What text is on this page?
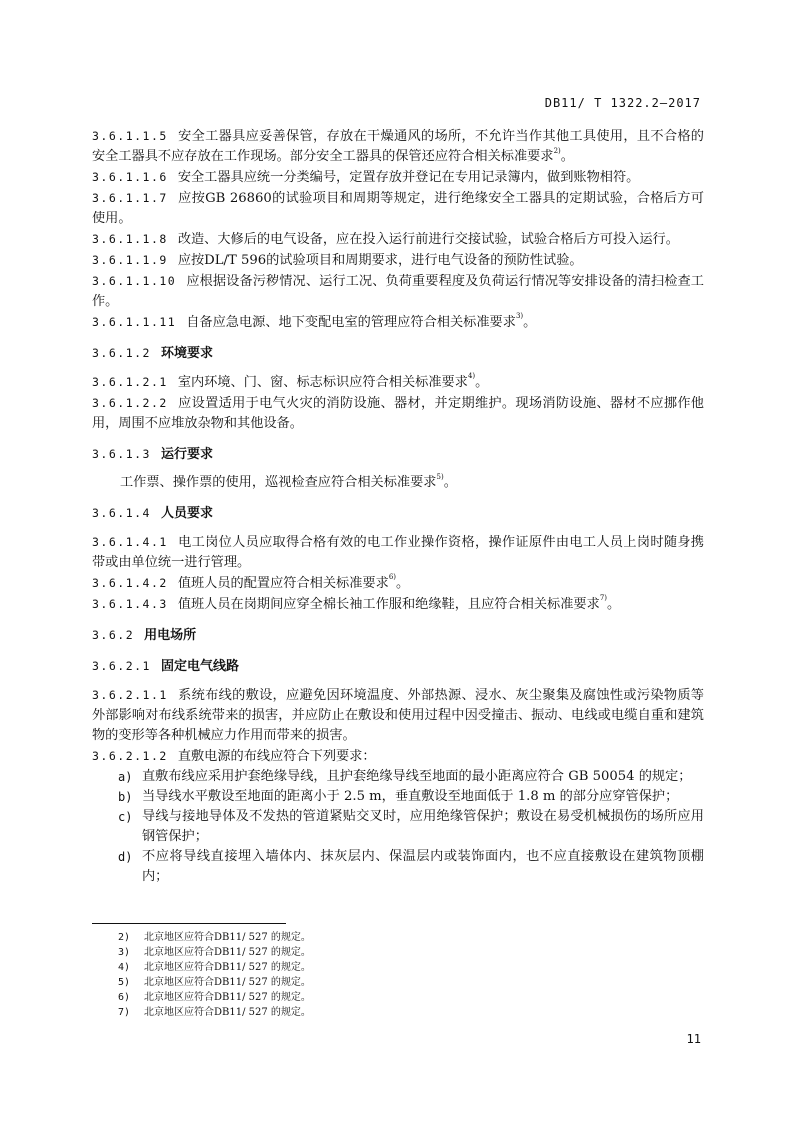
DB11/ T 1322.2—2017

3.6.1.1.5 安全工器具应妥善保管，存放在干燥通风的场所，不允许当作其他工具使用，且不合格的安全工器具不应存放在工作现场。部分安全工器具的保管还应符合相关标准要求$^{2)}$。

3.6.1.1.6 安全工器具应统一分类编号，定置存放并登记在专用记录簿内，做到账物相符。

3.6.1.1.7 应按GB 26860的试验项目和周期等规定，进行绝缘安全工器具的定期试验，合格后方可使用。

3.6.1.1.8 改造、大修后的电气设备，应在投入运行前进行交接试验，试验合格后方可投入运行。

3.6.1.1.9 应按DL/T 596的试验项目和周期要求，进行电气设备的预防性试验。

3.6.1.1.10 应根据设备污秽情况、运行工况、负荷重要程度及负荷运行情况等安排设备的清扫检查工作。

3.6.1.1.11 自备应急电源、地下变配电室的管理应符合相关标准要求$^{3)}$。

3.6.1.2 环境要求

3.6.1.2.1 室内环境、门、窗、标志标识应符合相关标准要求$^{4)}$。

3.6.1.2.2 应设置适用于电气火灾的消防设施、器材，并定期维护。现场消防设施、器材不应挪作他用，周围不应堆放杂物和其他设备。

3.6.1.3 运行要求

工作票、操作票的使用，巡视检查应符合相关标准要求$^{5)}$。

3.6.1.4 人员要求

3.6.1.4.1 电工岗位人员应取得合格有效的电工作业操作资格，操作证原件由电工人员上岗时随身携带或由单位统一进行管理。

3.6.1.4.2 值班人员的配置应符合相关标准要求$^{6)}$。

3.6.1.4.3 值班人员在岗期间应穿全棉长袖工作服和绝缘鞋，且应符合相关标准要求$^{7)}$。

3.6.2 用电场所
3.6.2.1 固定电气线路

3.6.2.1.1 系统布线的敷设，应避免因环境温度、外部热源、浸水、灰尘聚集及腐蚀性或污染物质等外部影响对布线系统带来的损害，并应防止在敷设和使用过程中因受撞击、振动、电线或电缆自重和建筑物的变形等各种机械应力作用而带来的损害。

3.6.2.1.2 直敷电源的布线应符合下列要求：

a) 直敷布线应采用护套绝缘导线，且护套绝缘导线至地面的最小距离应符合 GB 50054 的规定；
b) 当导线水平敷设至地面的距离小于 2.5 m，垂直敷设至地面低于 1.8 m 的部分应穿管保护；
c) 导线与接地导体及不发热的管道紧贴交叉时，应用绝缘管保护；敷设在易受机械损伤的场所应用钢管保护；
d) 不应将导线直接埋入墙体内、抹灰层内、保温层内或装饰面内，也不应直接敷设在建筑物顶棚内；
2) 北京地区应符合DB11/ 527 的规定。
3) 北京地区应符合DB11/ 527 的规定。
4) 北京地区应符合DB11/ 527 的规定。
5) 北京地区应符合DB11/ 527 的规定。
6) 北京地区应符合DB11/ 527 的规定。
7) 北京地区应符合DB11/ 527 的规定。
11
